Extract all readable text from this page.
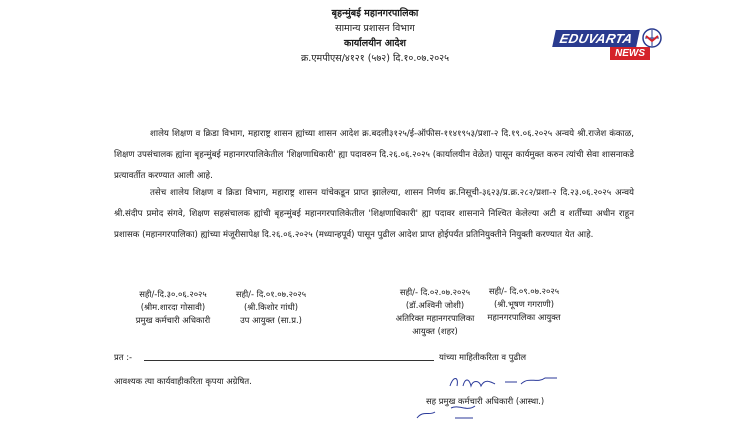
बृहन्मुंबई महानगरपालिका
सामान्य प्रशासन विभाग
कार्यालयीन आदेश
क्र.एमपीएस/४१२१ (५७२) दि.१०.०७.२०२५
EDUVARTA
NEWS
शालेय शिक्षण व क्रिडा विभाग, महाराष्ट्र शासन ह्यांच्या शासन आदेश क्र.बदली३१२५/ई-ऑफीस-११४१९५३/प्रशा-२ दि.१९.०६.२०२५ अन्वये श्री.राजेश कंकाळ, शिक्षण उपसंचालक ह्यांना बृहन्मुंबई महानगरपालिकेतील 'शिक्षणाधिकारी' ह्या पदावरुन दि.२६.०६.२०२५ (कार्यालयीन वेळेत) पासून कार्यमुक्त करुन त्यांची सेवा शासनाकडे प्रत्यावर्तीत करण्यात आली आहे.
तसेच शालेय शिक्षण व क्रिडा विभाग, महाराष्ट्र शासन यांचेकडून प्राप्त झालेल्या, शासन निर्णय क्र.निसूची-३६२३/प्र.क्र.२८२/प्रशा-२ दि.२३.०६.२०२५ अन्वये श्री.संदीप प्रमोद संगवे, शिक्षण सहसंचालक ह्यांची बृहन्मुंबई महानगरपालिकेतील 'शिक्षणाधिकारी' ह्या पदावर शासनाने निश्चित केलेल्या अटी व शर्तींच्या अधीन राहून प्रशासक (महानगरपालिका) ह्यांच्या मंजूरीसापेक्ष दि.२६.०६.२०२५ (मध्यान्हपूर्व) पासून पुढील आदेश प्राप्त होईपर्यंत प्रतिनियुक्तीने नियुक्ती करण्यात येत आहे.
सही/-दि.३०.०६.२०२५
(श्रीम.शारदा गोसावी)
प्रमुख कर्मचारी अधिकारी
सही/- दि.०१.०७.२०२५
(श्री.किशोर गांधी)
उप आयुक्त (सा.प्र.)
सही/- दि.०२.०७.२०२५
(डॉ.अश्विनी जोशी)
अतिरिक्त महानगरपालिका आयुक्त (शहर)
सही/- दि.०९.०७.२०२५
(श्री.भूषण गगराणी)
महानगरपालिका आयुक्त
प्रत :-	यांच्या माहितीकरिता व पुढील
आवश्यक त्या कार्यवाहीकरिता कृपया अग्रेषित.
सह प्रमुख कर्मचारी अधिकारी (आस्था.)
